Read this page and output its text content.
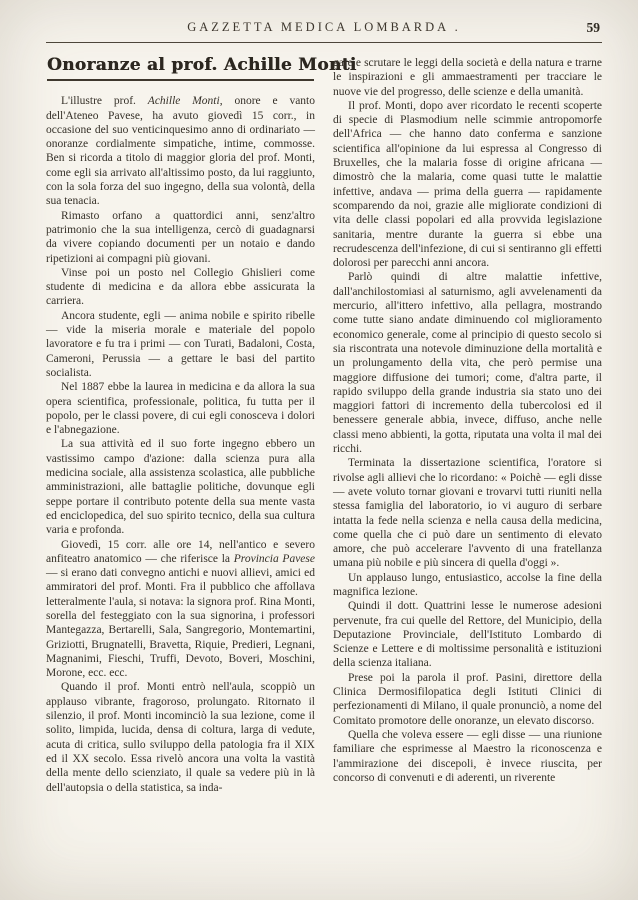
GAZZETTA MEDICA LOMBARDA .	59
Onoranze al prof. Achille Monti

L'illustre prof. Achille Monti, onore e vanto dell'Ateneo Pavese, ha avuto giovedì 15 corr., in occasione del suo venticinquesimo anno di ordinariato — onoranze cordialmente simpatiche, intime, commosse. Ben si ricorda a titolo di maggior gloria del prof. Monti, come egli sia arrivato all'altissimo posto, da lui raggiunto, con la sola forza del suo ingegno, della sua volontà, della sua tenacia.

Rimasto orfano a quattordici anni, senz'altro patrimonio che la sua intelligenza, cercò di guadagnarsi da vivere copiando documenti per un notaio e dando ripetizioni ai compagni più giovani.

Vinse poi un posto nel Collegio Ghislieri come studente di medicina e da allora ebbe assicurata la carriera.

Ancora studente, egli — anima nobile e spirito ribelle — vide la miseria morale e materiale del popolo lavoratore e fu tra i primi — con Turati, Badaloni, Costa, Cameroni, Perussia — a gettare le basi del partito socialista.

Nel 1887 ebbe la laurea in medicina e da allora la sua opera scientifica, professionale, politica, fu tutta per il popolo, per le classi povere, di cui egli conosceva i dolori e l'abnegazione.

La sua attività ed il suo forte ingegno ebbero un vastissimo campo d'azione: dalla scienza pura alla medicina sociale, alla assistenza scolastica, alle pubbliche amministrazioni, alle battaglie politiche, dovunque egli seppe portare il contributo potente della sua mente vasta ed enciclopedica, del suo spirito tecnico, della sua cultura varia e profonda.

Giovedì, 15 corr. alle ore 14, nell'antico e severo anfiteatro anatomico — che riferisce la Provincia Pavese — si erano dati convegno antichi e nuovi allievi, amici ed ammiratori del prof. Monti. Fra il pubblico che affollava letteralmente l'aula, si notava: la signora prof. Rina Monti, sorella del festeggiato con la sua signorina, i professori Mantegazza, Bertarelli, Sala, Sangregorio, Montemartini, Griziotti, Brugnatelli, Bravetta, Riquie, Predieri, Legnani, Magnanimi, Fieschi, Truffi, Devoto, Boveri, Moschini, Morone, ecc. ecc.

Quando il prof. Monti entrò nell'aula, scoppiò un applauso vibrante, fragoroso, prolungato. Ritornato il silenzio, il prof. Monti incominciò la sua lezione, come il solito, limpida, lucida, densa di coltura, larga di vedute, acuta di critica, sullo sviluppo della patologia fra il XIX ed il XX secolo. Essa rivelò ancora una volta la vastità della mente dello scienziato, il quale sa vedere più in là dell'autopsia o della statistica, sa inda-

gare e scrutare le leggi della società e della natura e trarne le inspirazioni e gli ammaestramenti per tracciare le nuove vie del progresso, delle scienze e della umanità.

Il prof. Monti, dopo aver ricordato le recenti scoperte di specie di Plasmodium nelle scimmie antropomorfe dell'Africa — che hanno dato conferma e sanzione scientifica all'opinione da lui espressa al Congresso di Bruxelles, che la malaria fosse di origine africana — dimostrò che la malaria, come quasi tutte le malattie infettive, andava — prima della guerra — rapidamente scomparendo da noi, grazie alle migliorate condizioni di vita delle classi popolari ed alla provvida legislazione sanitaria, mentre durante la guerra si ebbe una recrudescenza dell'infezione, di cui si sentiranno gli effetti dolorosi per parecchi anni ancora.

Parlò quindi di altre malattie infettive, dall'anchilostomiasi al saturnismo, agli avvelenamenti da mercurio, all'ittero infettivo, alla pellagra, mostrando come tutte siano andate diminuendo col miglioramento economico generale, come al principio di questo secolo si sia riscontrata una notevole diminuzione della mortalità e un prolungamento della vita, che però permise una maggiore diffusione dei tumori; come, d'altra parte, il rapido sviluppo della grande industria sia stato uno dei maggiori fattori di incremento della tubercolosi ed il benessere generale abbia, invece, diffuso, anche nelle classi meno abbienti, la gotta, riputata una volta il mal dei ricchi.

Terminata la dissertazione scientifica, l'oratore si rivolse agli allievi che lo ricordano: « Poichè — egli disse — avete voluto tornar giovani e trovarvi tutti riuniti nella stessa famiglia del laboratorio, io vi auguro di serbare intatta la fede nella scienza e nella causa della medicina, come quella che ci può dare un sentimento di elevato amore, che può accelerare l'avvento di una fratellanza umana più nobile e più sincera di quella d'oggi ».

Un applauso lungo, entusiastico, accolse la fine della magnifica lezione.

Quindi il dott. Quattrini lesse le numerose adesioni pervenute, fra cui quelle del Rettore, del Municipio, della Deputazione Provinciale, dell'Istituto Lombardo di Scienze e Lettere e di moltissime personalità e istituzioni della scienza italiana.

Prese poi la parola il prof. Pasini, direttore della Clinica Dermosifilopatica degli Istituti Clinici di perfezionamenti di Milano, il quale pronunciò, a nome del Comitato promotore delle onoranze, un elevato discorso.

Quella che voleva essere — egli disse — una riunione familiare che esprimesse al Maestro la riconoscenza e l'ammirazione dei discepoli, è invece riuscita, per concorso di convenuti e di aderenti, un riverente
